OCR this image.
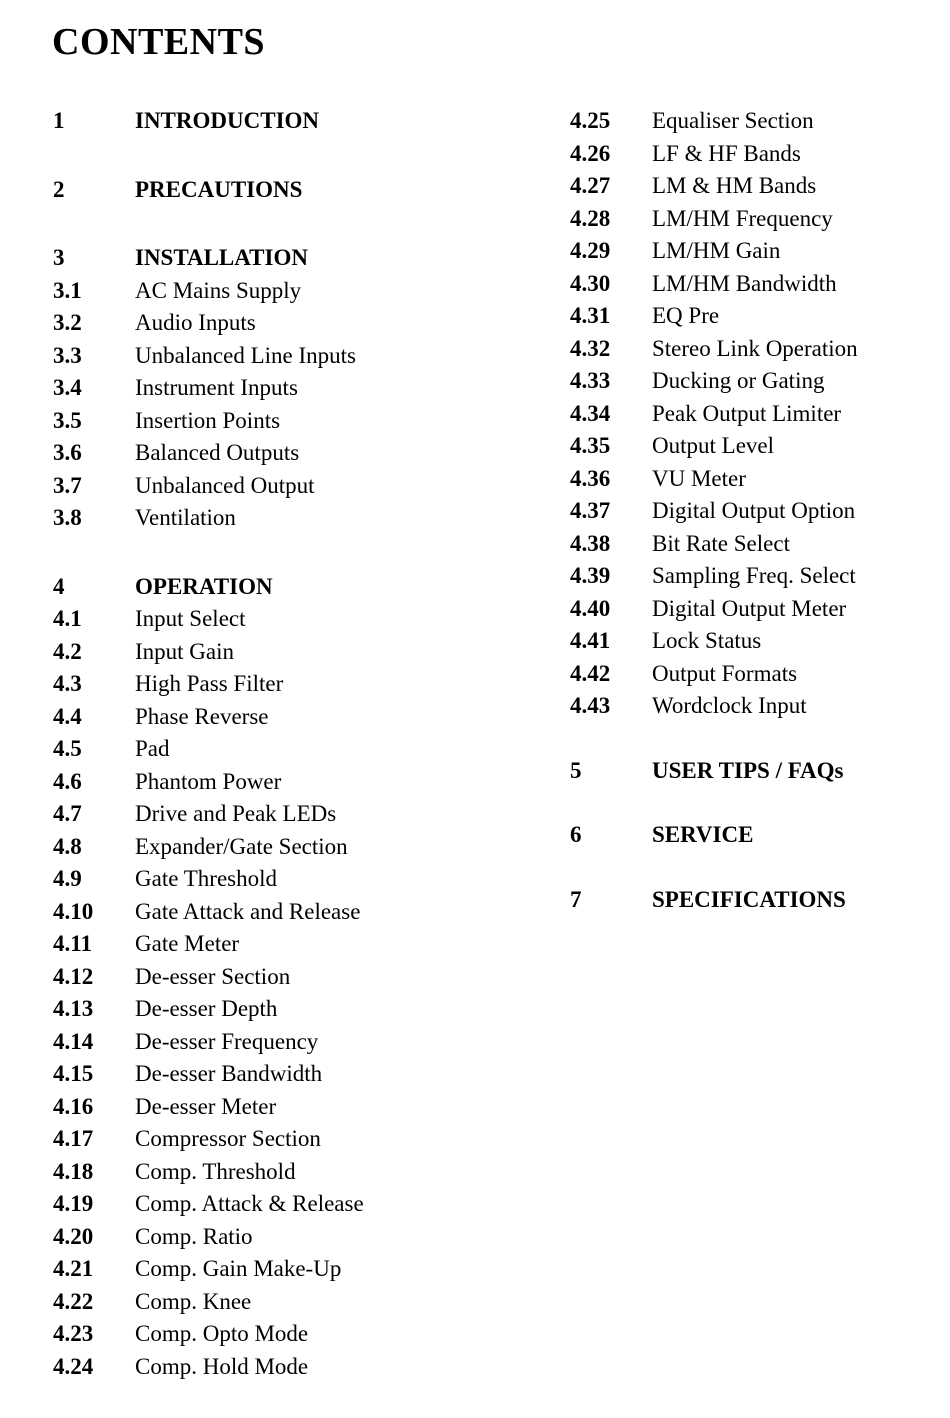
CONTENTS
1	INTRODUCTION
2	PRECAUTIONS
3	INSTALLATION
3.1	AC Mains Supply
3.2	Audio Inputs
3.3	Unbalanced Line Inputs
3.4	Instrument Inputs
3.5	Insertion Points
3.6	Balanced Outputs
3.7	Unbalanced Output
3.8	Ventilation
4	OPERATION
4.1	Input Select
4.2	Input Gain
4.3	High Pass Filter
4.4	Phase Reverse
4.5	Pad
4.6	Phantom Power
4.7	Drive and Peak LEDs
4.8	Expander/Gate Section
4.9	Gate Threshold
4.10	Gate Attack and Release
4.11	Gate Meter
4.12	De-esser Section
4.13	De-esser Depth
4.14	De-esser Frequency
4.15	De-esser Bandwidth
4.16	De-esser Meter
4.17	Compressor Section
4.18	Comp. Threshold
4.19	Comp. Attack & Release
4.20	Comp. Ratio
4.21	Comp. Gain Make-Up
4.22	Comp. Knee
4.23	Comp. Opto Mode
4.24	Comp. Hold Mode
4.25	Equaliser Section
4.26	LF & HF Bands
4.27	LM & HM Bands
4.28	LM/HM Frequency
4.29	LM/HM Gain
4.30	LM/HM Bandwidth
4.31	EQ Pre
4.32	Stereo Link Operation
4.33	Ducking or Gating
4.34	Peak Output Limiter
4.35	Output Level
4.36	VU Meter
4.37	Digital Output Option
4.38	Bit Rate Select
4.39	Sampling Freq. Select
4.40	Digital Output Meter
4.41	Lock Status
4.42	Output Formats
4.43	Wordclock Input
5	USER TIPS / FAQs
6	SERVICE
7	SPECIFICATIONS
